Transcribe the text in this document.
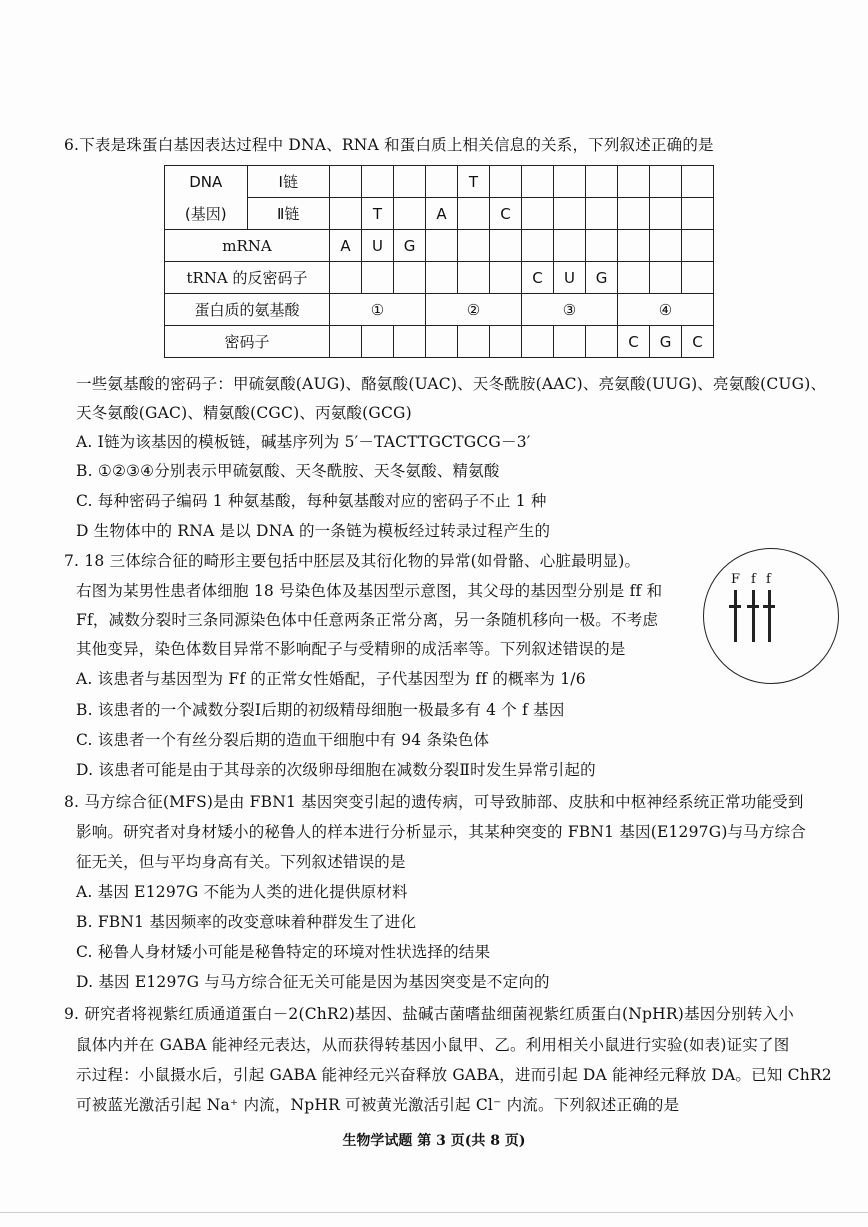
6.下表是珠蛋白基因表达过程中 DNA、RNA 和蛋白质上相关信息的关系，下列叙述正确的是
DNA	Ⅰ链					T							
(基因)	Ⅱ链		T		A		C						
mRNA		A	U	G									
tRNA 的反密码子								C	U	G			
蛋白质的氨基酸		①			②			③			④		
密码子											C	G	C
一些氨基酸的密码子：甲硫氨酸(AUG)、酪氨酸(UAC)、天冬酰胺(AAC)、亮氨酸(UUG)、亮氨酸(CUG)、
天冬氨酸(GAC)、精氨酸(CGC)、丙氨酸(GCG)
A. Ⅰ链为该基因的模板链，碱基序列为 5′－TACTTGCTGCG－3′
B. ①②③④分别表示甲硫氨酸、天冬酰胺、天冬氨酸、精氨酸
C. 每种密码子编码 1 种氨基酸，每种氨基酸对应的密码子不止 1 种
D 生物体中的 RNA 是以 DNA 的一条链为模板经过转录过程产生的
7. 18 三体综合征的畸形主要包括中胚层及其衍化物的异常(如骨骼、心脏最明显)。
右图为某男性患者体细胞 18 号染色体及基因型示意图，其父母的基因型分别是 ff 和
Ff，减数分裂时三条同源染色体中任意两条正常分离，另一条随机移向一极。不考虑
其他变异，染色体数目异常不影响配子与受精卵的成活率等。下列叙述错误的是
A. 该患者与基因型为 Ff 的正常女性婚配，子代基因型为 ff 的概率为 1/6
B. 该患者的一个减数分裂Ⅰ后期的初级精母细胞一极最多有 4 个 f 基因
C. 该患者一个有丝分裂后期的造血干细胞中有 94 条染色体
D. 该患者可能是由于其母亲的次级卵母细胞在减数分裂Ⅱ时发生异常引起的
F f f
8. 马方综合征(MFS)是由 FBN1 基因突变引起的遗传病，可导致肺部、皮肤和中枢神经系统正常功能受到
影响。研究者对身材矮小的秘鲁人的样本进行分析显示，其某种突变的 FBN1 基因(E1297G)与马方综合
征无关，但与平均身高有关。下列叙述错误的是
A. 基因 E1297G 不能为人类的进化提供原材料
B. FBN1 基因频率的改变意味着种群发生了进化
C. 秘鲁人身材矮小可能是秘鲁特定的环境对性状选择的结果
D. 基因 E1297G 与马方综合征无关可能是因为基因突变是不定向的
9. 研究者将视紫红质通道蛋白－2(ChR2)基因、盐碱古菌嗜盐细菌视紫红质蛋白(NpHR)基因分别转入小
鼠体内并在 GABA 能神经元表达，从而获得转基因小鼠甲、乙。利用相关小鼠进行实验(如表)证实了图
示过程：小鼠摄水后，引起 GABA 能神经元兴奋释放 GABA，进而引起 DA 能神经元释放 DA。已知 ChR2
可被蓝光激活引起 Na⁺ 内流，NpHR 可被黄光激活引起 Cl⁻ 内流。下列叙述正确的是
生物学试题 第 3 页(共 8 页)
